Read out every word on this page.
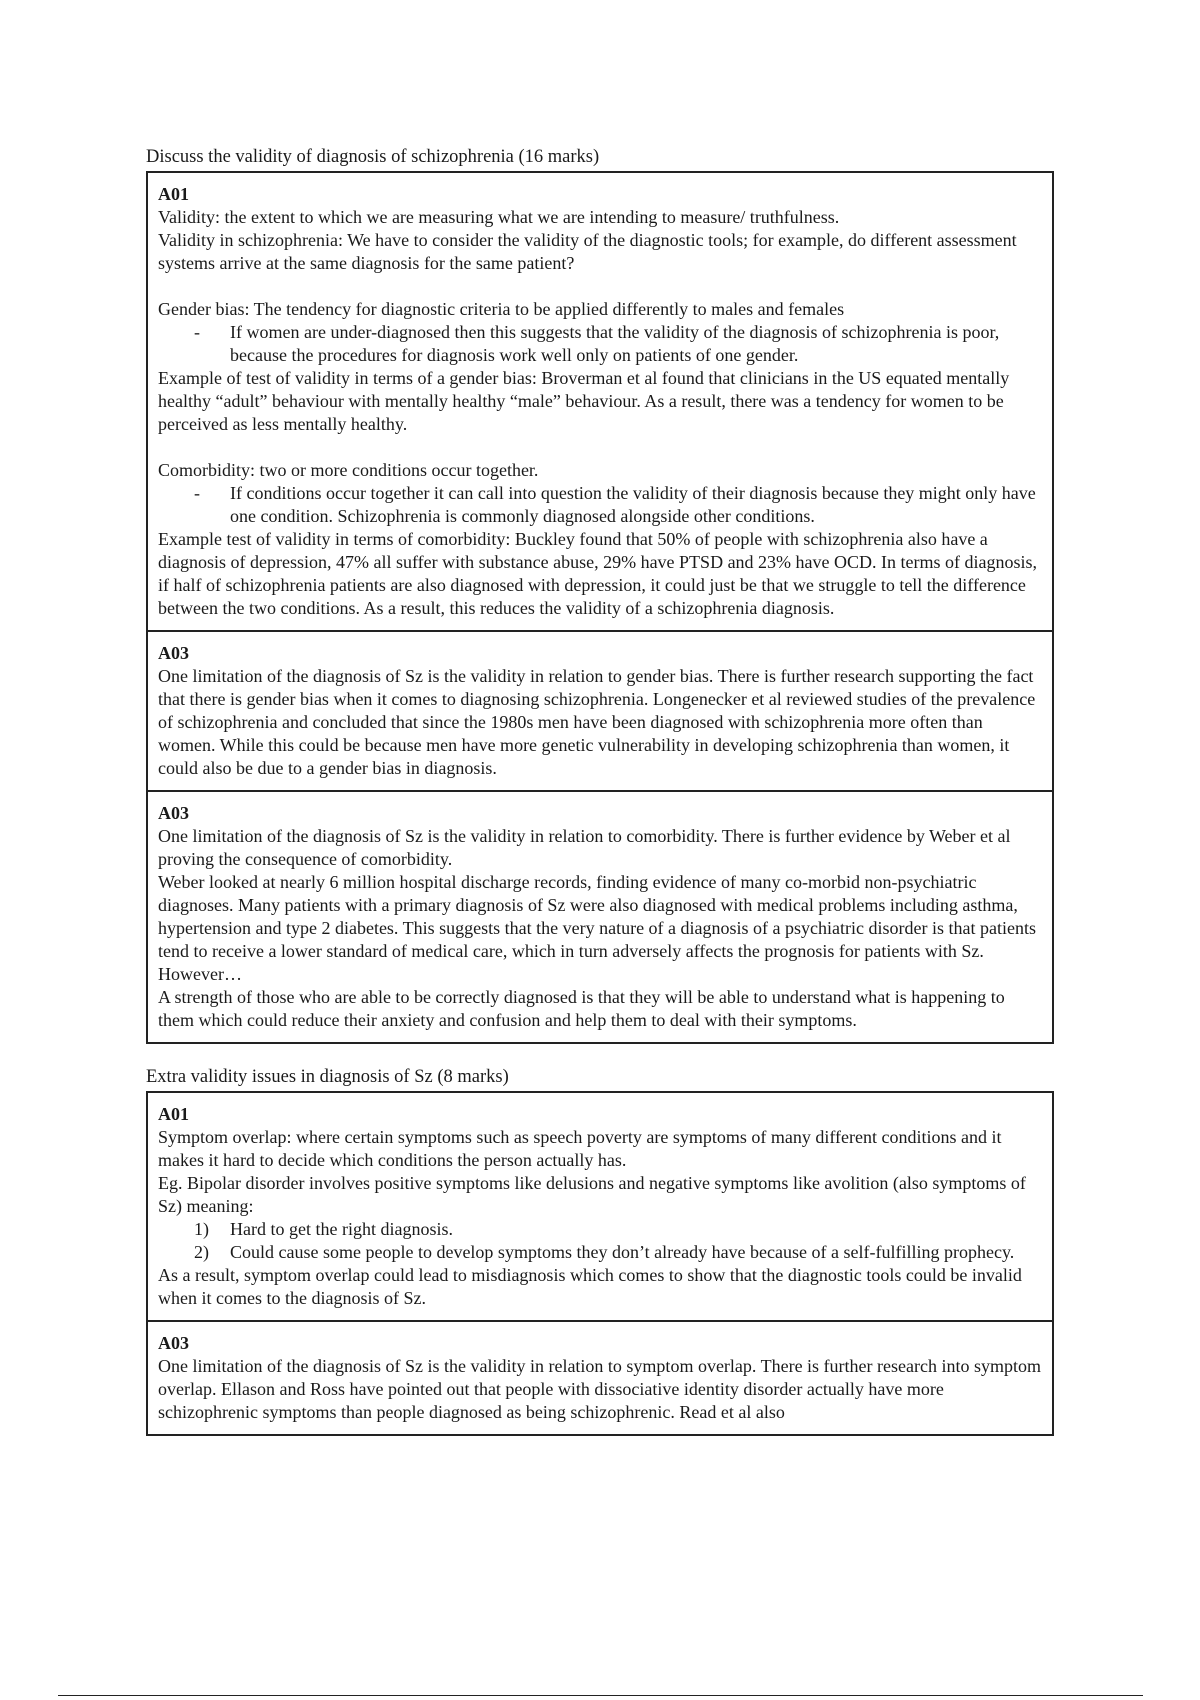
Discuss the validity of diagnosis of schizophrenia (16 marks)

A01

Validity: the extent to which we are measuring what we are intending to measure/ truthfulness.

Validity in schizophrenia: We have to consider the validity of the diagnostic tools; for example, do different assessment systems arrive at the same diagnosis for the same patient?

Gender bias: The tendency for diagnostic criteria to be applied differently to males and females

-	If women are under-diagnosed then this suggests that the validity of the diagnosis of schizophrenia is poor, because the procedures for diagnosis work well only on patients of one gender.

Example of test of validity in terms of a gender bias: Broverman et al found that clinicians in the US equated mentally healthy “adult” behaviour with mentally healthy “male” behaviour. As a result, there was a tendency for women to be perceived as less mentally healthy.

Comorbidity: two or more conditions occur together.

-	If conditions occur together it can call into question the validity of their diagnosis because they might only have one condition. Schizophrenia is commonly diagnosed alongside other conditions.

Example test of validity in terms of comorbidity: Buckley found that 50% of people with schizophrenia also have a diagnosis of depression, 47% all suffer with substance abuse, 29% have PTSD and 23% have OCD. In terms of diagnosis, if half of schizophrenia patients are also diagnosed with depression, it could just be that we struggle to tell the difference between the two conditions. As a result, this reduces the validity of a schizophrenia diagnosis.

A03

One limitation of the diagnosis of Sz is the validity in relation to gender bias. There is further research supporting the fact that there is gender bias when it comes to diagnosing schizophrenia. Longenecker et al reviewed studies of the prevalence of schizophrenia and concluded that since the 1980s men have been diagnosed with schizophrenia more often than women. While this could be because men have more genetic vulnerability in developing schizophrenia than women, it could also be due to a gender bias in diagnosis.

A03

One limitation of the diagnosis of Sz is the validity in relation to comorbidity. There is further evidence by Weber et al proving the consequence of comorbidity.

Weber looked at nearly 6 million hospital discharge records, finding evidence of many co-morbid non-psychiatric diagnoses. Many patients with a primary diagnosis of Sz were also diagnosed with medical problems including asthma, hypertension and type 2 diabetes. This suggests that the very nature of a diagnosis of a psychiatric disorder is that patients tend to receive a lower standard of medical care, which in turn adversely affects the prognosis for patients with Sz.

However…

A strength of those who are able to be correctly diagnosed is that they will be able to understand what is happening to them which could reduce their anxiety and confusion and help them to deal with their symptoms.

Extra validity issues in diagnosis of Sz (8 marks)

A01

Symptom overlap: where certain symptoms such as speech poverty are symptoms of many different conditions and it makes it hard to decide which conditions the person actually has.

Eg. Bipolar disorder involves positive symptoms like delusions and negative symptoms like avolition (also symptoms of Sz) meaning:

1)	Hard to get the right diagnosis.
2)	Could cause some people to develop symptoms they don’t already have because of a self-fulfilling prophecy.

As a result, symptom overlap could lead to misdiagnosis which comes to show that the diagnostic tools could be invalid when it comes to the diagnosis of Sz.

A03

One limitation of the diagnosis of Sz is the validity in relation to symptom overlap. There is further research into symptom overlap. Ellason and Ross have pointed out that people with dissociative identity disorder actually have more schizophrenic symptoms than people diagnosed as being schizophrenic. Read et al also
